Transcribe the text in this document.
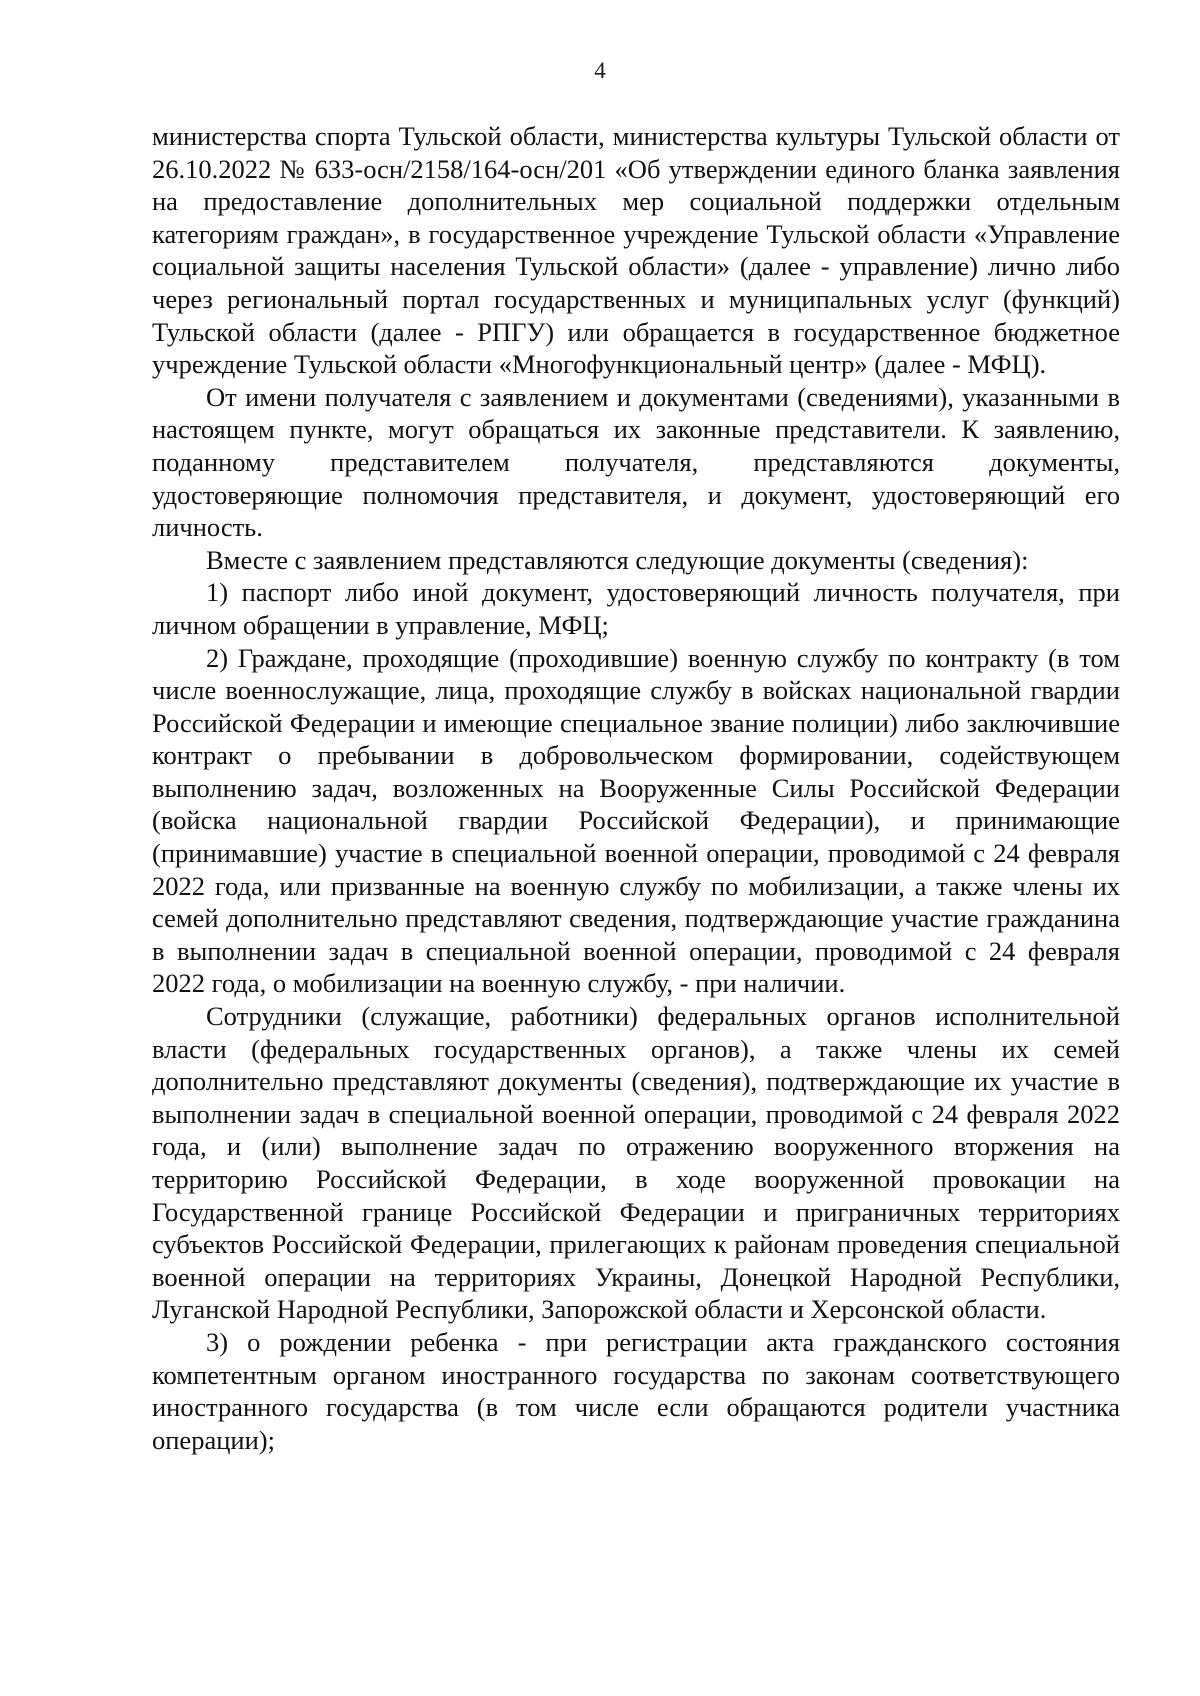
4

министерства спорта Тульской области, министерства культуры Тульской области от 26.10.2022 № 633-осн/2158/164-осн/201 «Об утверждении единого бланка заявления на предоставление дополнительных мер социальной поддержки отдельным категориям граждан», в государственное учреждение Тульской области «Управление социальной защиты населения Тульской области» (далее - управление) лично либо через региональный портал государственных и муниципальных услуг (функций) Тульской области (далее - РПГУ) или обращается в государственное бюджетное учреждение Тульской области «Многофункциональный центр» (далее - МФЦ).

От имени получателя с заявлением и документами (сведениями), указанными в настоящем пункте, могут обращаться их законные представители. К заявлению, поданному представителем получателя, представляются документы, удостоверяющие полномочия представителя, и документ, удостоверяющий его личность.

Вместе с заявлением представляются следующие документы (сведения):

1) паспорт либо иной документ, удостоверяющий личность получателя, при личном обращении в управление, МФЦ;

2) Граждане, проходящие (проходившие) военную службу по контракту (в том числе военнослужащие, лица, проходящие службу в войсках национальной гвардии Российской Федерации и имеющие специальное звание полиции) либо заключившие контракт о пребывании в добровольческом формировании, содействующем выполнению задач, возложенных на Вооруженные Силы Российской Федерации (войска национальной гвардии Российской Федерации), и принимающие (принимавшие) участие в специальной военной операции, проводимой с 24 февраля 2022 года, или призванные на военную службу по мобилизации, а также члены их семей дополнительно представляют сведения, подтверждающие участие гражданина в выполнении задач в специальной военной операции, проводимой с 24 февраля 2022 года, о мобилизации на военную службу, - при наличии.

Сотрудники (служащие, работники) федеральных органов исполнительной власти (федеральных государственных органов), а также члены их семей дополнительно представляют документы (сведения), подтверждающие их участие в выполнении задач в специальной военной операции, проводимой с 24 февраля 2022 года, и (или) выполнение задач по отражению вооруженного вторжения на территорию Российской Федерации, в ходе вооруженной провокации на Государственной границе Российской Федерации и приграничных территориях субъектов Российской Федерации, прилегающих к районам проведения специальной военной операции на территориях Украины, Донецкой Народной Республики, Луганской Народной Республики, Запорожской области и Херсонской области.

3) о рождении ребенка - при регистрации акта гражданского состояния компетентным органом иностранного государства по законам соответствующего иностранного государства (в том числе если обращаются родители участника операции);
